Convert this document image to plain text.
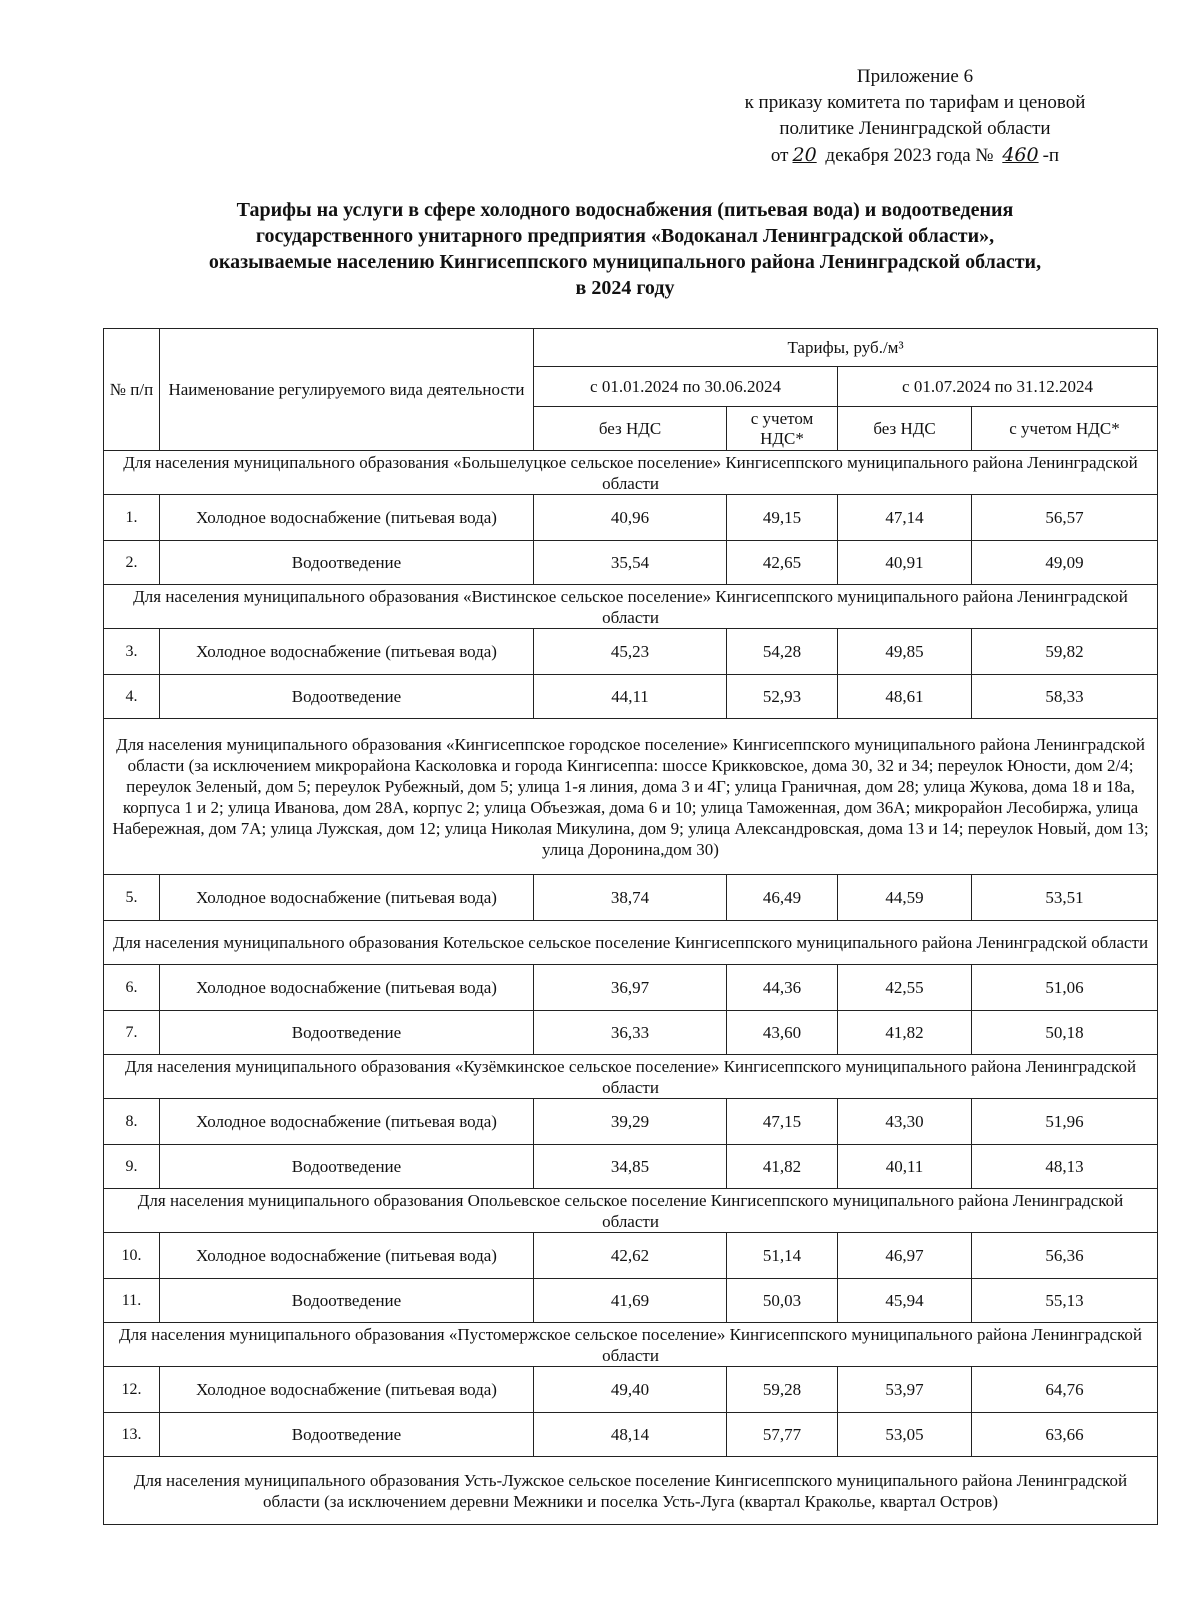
Приложение 6
к приказу комитета по тарифам и ценовой
политике Ленинградской области
от 20 декабря 2023 года № 460 -п
Тарифы на услуги в сфере холодного водоснабжения (питьевая вода) и водоотведения
государственного унитарного предприятия «Водоканал Ленинградской области»,
оказываемые населению Кингисеппского муниципального района Ленинградской области,
в 2024 году
№ п/п	Наименование регулируемого вида деятельности	Тарифы, руб./м³			
		с 01.01.2024 по 30.06.2024		с 01.07.2024 по 31.12.2024	
		без НДС	с учетом НДС*	без НДС	с учетом НДС*
Для населения муниципального образования «Большелуцкое сельское поселение» Кингисеппского муниципального района Ленинградской области					
1.	Холодное водоснабжение (питьевая вода)	40,96	49,15	47,14	56,57
2.	Водоотведение	35,54	42,65	40,91	49,09
Для населения муниципального образования «Вистинское сельское поселение» Кингисеппского муниципального района Ленинградской области					
3.	Холодное водоснабжение (питьевая вода)	45,23	54,28	49,85	59,82
4.	Водоотведение	44,11	52,93	48,61	58,33
Для населения муниципального образования «Кингисеппское городское поселение» Кингисеппского муниципального района Ленинградской области (за исключением микрорайона Касколовка и города Кингисеппа: шоссе Крикковское, дома 30, 32 и 34; переулок Юности, дом 2/4; переулок Зеленый, дом 5; переулок Рубежный, дом 5; улица 1-я линия, дома 3 и 4Г; улица Граничная, дом 28; улица Жукова, дома 18 и 18а, корпуса 1 и 2; улица Иванова, дом 28А, корпус 2; улица Объезжая, дома 6 и 10; улица Таможенная, дом 36А; микрорайон Лесобиржа, улица Набережная, дом 7А; улица Лужская, дом 12; улица Николая Микулина, дом 9; улица Александровская, дома 13 и 14; переулок Новый, дом 13; улица Доронина,дом 30)					
5.	Холодное водоснабжение (питьевая вода)	38,74	46,49	44,59	53,51
Для населения муниципального образования Котельское сельское поселение Кингисеппского муниципального района Ленинградской области					
6.	Холодное водоснабжение (питьевая вода)	36,97	44,36	42,55	51,06
7.	Водоотведение	36,33	43,60	41,82	50,18
Для населения муниципального образования «Кузёмкинское сельское поселение» Кингисеппского муниципального района Ленинградской области					
8.	Холодное водоснабжение (питьевая вода)	39,29	47,15	43,30	51,96
9.	Водоотведение	34,85	41,82	40,11	48,13
Для населения муниципального образования Опольевское сельское поселение Кингисеппского муниципального района Ленинградской области					
10.	Холодное водоснабжение (питьевая вода)	42,62	51,14	46,97	56,36
11.	Водоотведение	41,69	50,03	45,94	55,13
Для населения муниципального образования «Пустомержское сельское поселение» Кингисеппского муниципального района Ленинградской области					
12.	Холодное водоснабжение (питьевая вода)	49,40	59,28	53,97	64,76
13.	Водоотведение	48,14	57,77	53,05	63,66
Для населения муниципального образования Усть-Лужское сельское поселение Кингисеппского муниципального района Ленинградской области (за исключением деревни Межники и поселка Усть-Луга (квартал Краколье, квартал Остров)					
